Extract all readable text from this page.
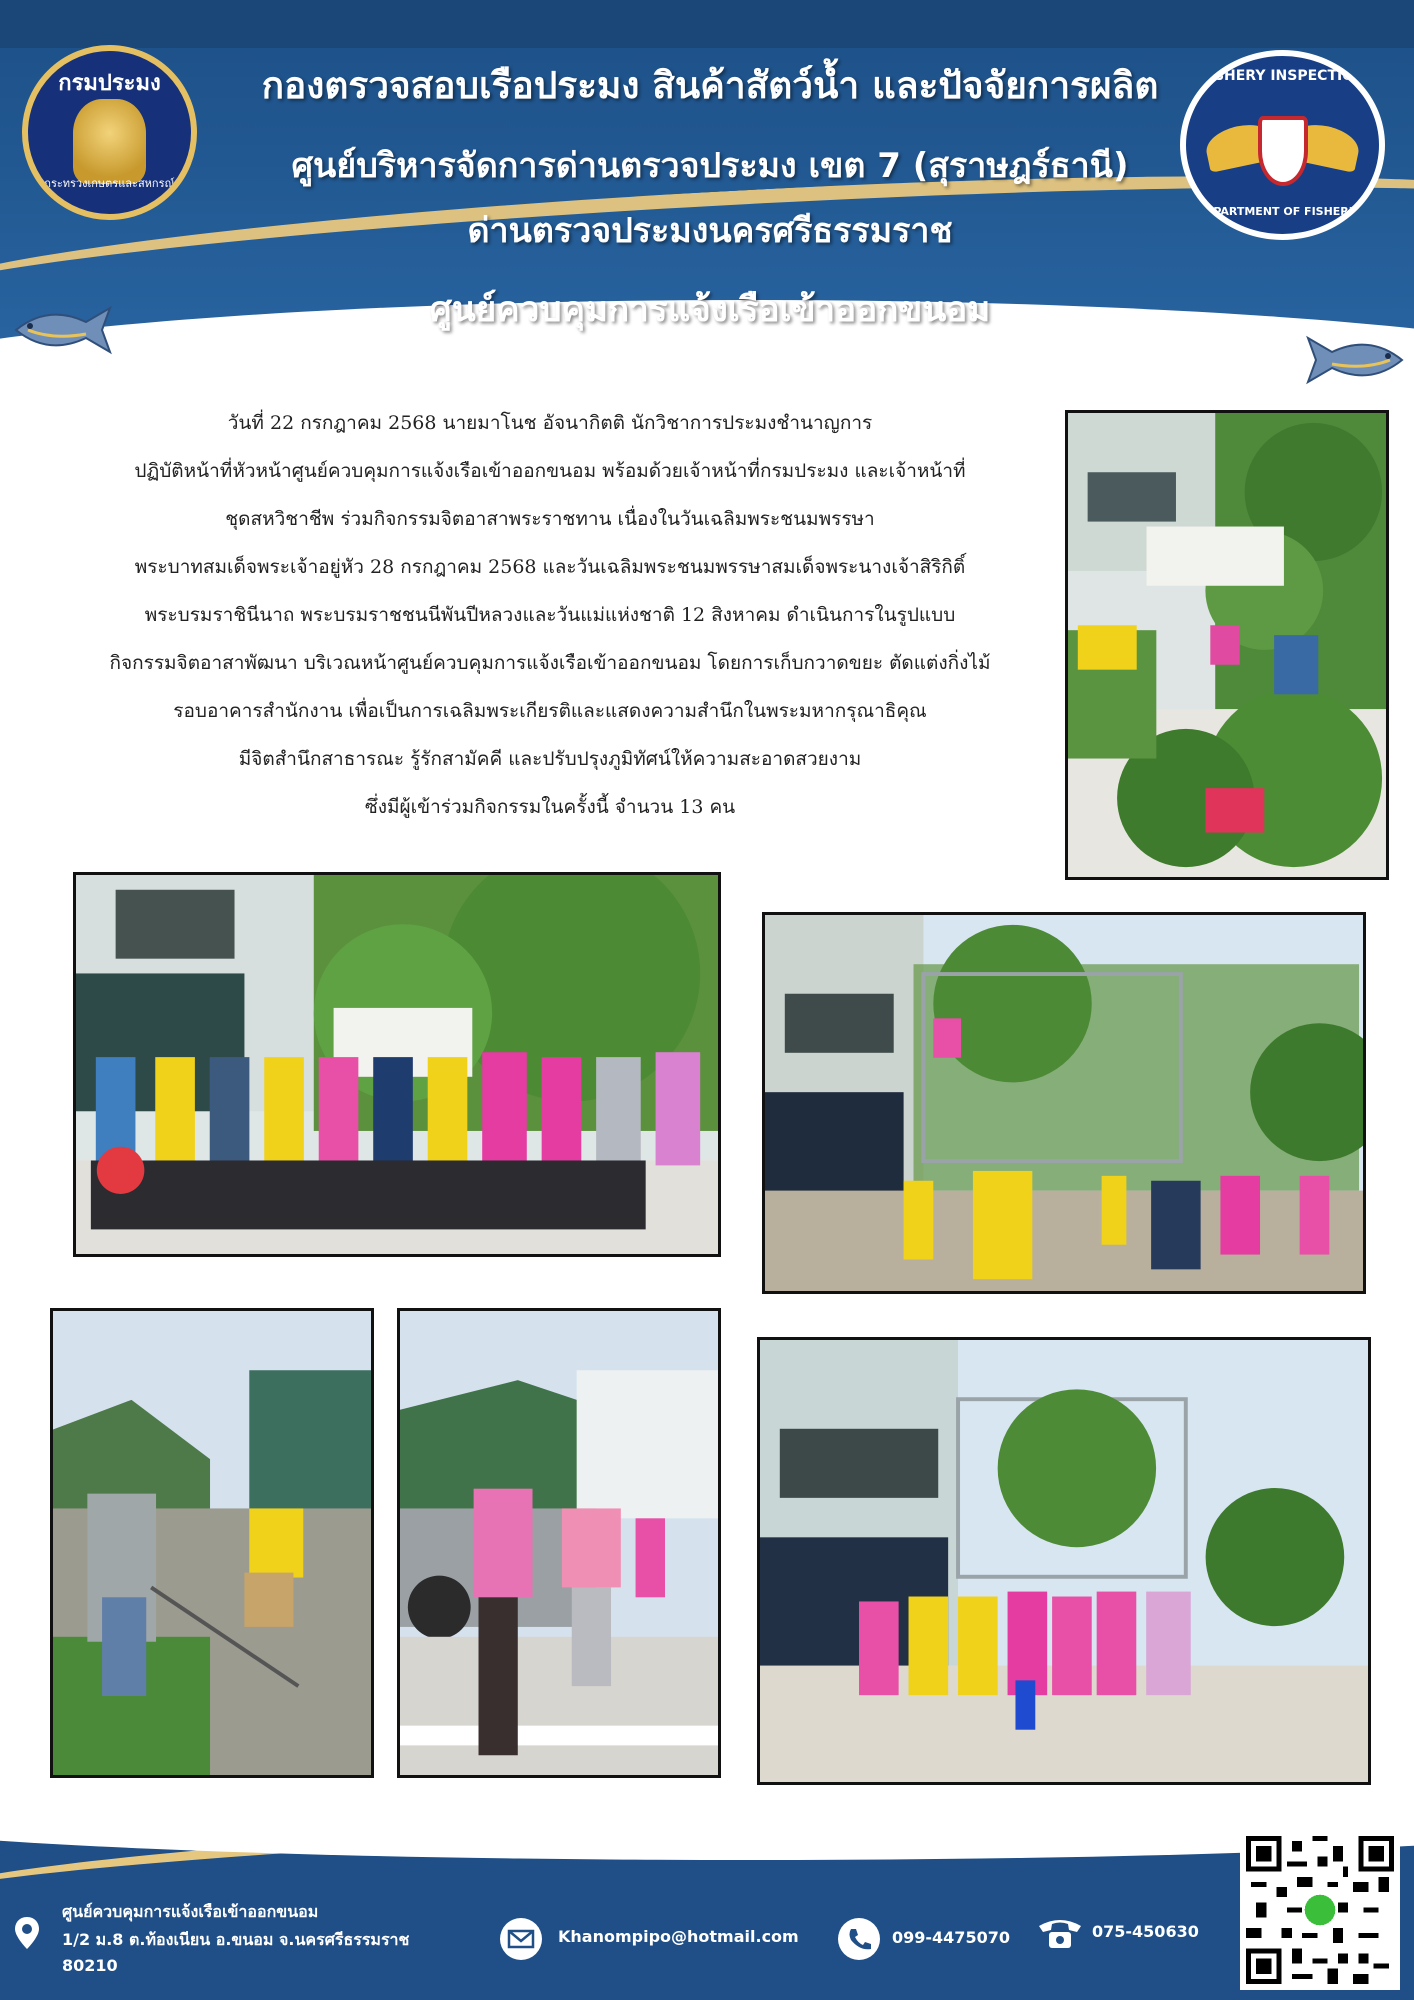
กรมประมง
กระทรวงเกษตรและสหกรณ์
กองตรวจสอบเรือประมง สินค้าสัตว์น้ำ และปัจจัยการผลิต
ศูนย์บริหารจัดการด่านตรวจประมง เขต 7 (สุราษฎร์ธานี)
ด่านตรวจประมงนครศรีธรรมราช
ศูนย์ควบคุมการแจ้งเรือเข้าออกขนอม
FISHERY INSPECTION
DEPARTMENT OF FISHERIES
วันที่ 22 กรกฎาคม 2568 นายมาโนช อัจนากิตติ นักวิชาการประมงชำนาญการ
ปฏิบัติหน้าที่หัวหน้าศูนย์ควบคุมการแจ้งเรือเข้าออกขนอม พร้อมด้วยเจ้าหน้าที่กรมประมง และเจ้าหน้าที่
ชุดสหวิชาชีพ ร่วมกิจกรรมจิตอาสาพระราชทาน เนื่องในวันเฉลิมพระชนมพรรษา
พระบาทสมเด็จพระเจ้าอยู่หัว 28 กรกฎาคม 2568 และวันเฉลิมพระชนมพรรษาสมเด็จพระนางเจ้าสิริกิติ์
พระบรมราชินีนาถ พระบรมราชชนนีพันปีหลวงและวันแม่แห่งชาติ 12 สิงหาคม ดำเนินการในรูปแบบ
กิจกรรมจิตอาสาพัฒนา บริเวณหน้าศูนย์ควบคุมการแจ้งเรือเข้าออกขนอม โดยการเก็บกวาดขยะ ตัดแต่งกิ่งไม้
รอบอาคารสำนักงาน เพื่อเป็นการเฉลิมพระเกียรติและแสดงความสำนึกในพระมหากรุณาธิคุณ
มีจิตสำนึกสาธารณะ รู้รักสามัคคี และปรับปรุงภูมิทัศน์ให้ความสะอาดสวยงาม
ซึ่งมีผู้เข้าร่วมกิจกรรมในครั้งนี้ จำนวน 13 คน
ศูนย์ควบคุมการแจ้งเรือเข้าออกขนอม
1/2 ม.8 ต.ท้องเนียน อ.ขนอม จ.นครศรีธรรมราช
80210
Khanompipo@hotmail.com	099-4475070	075-450630
